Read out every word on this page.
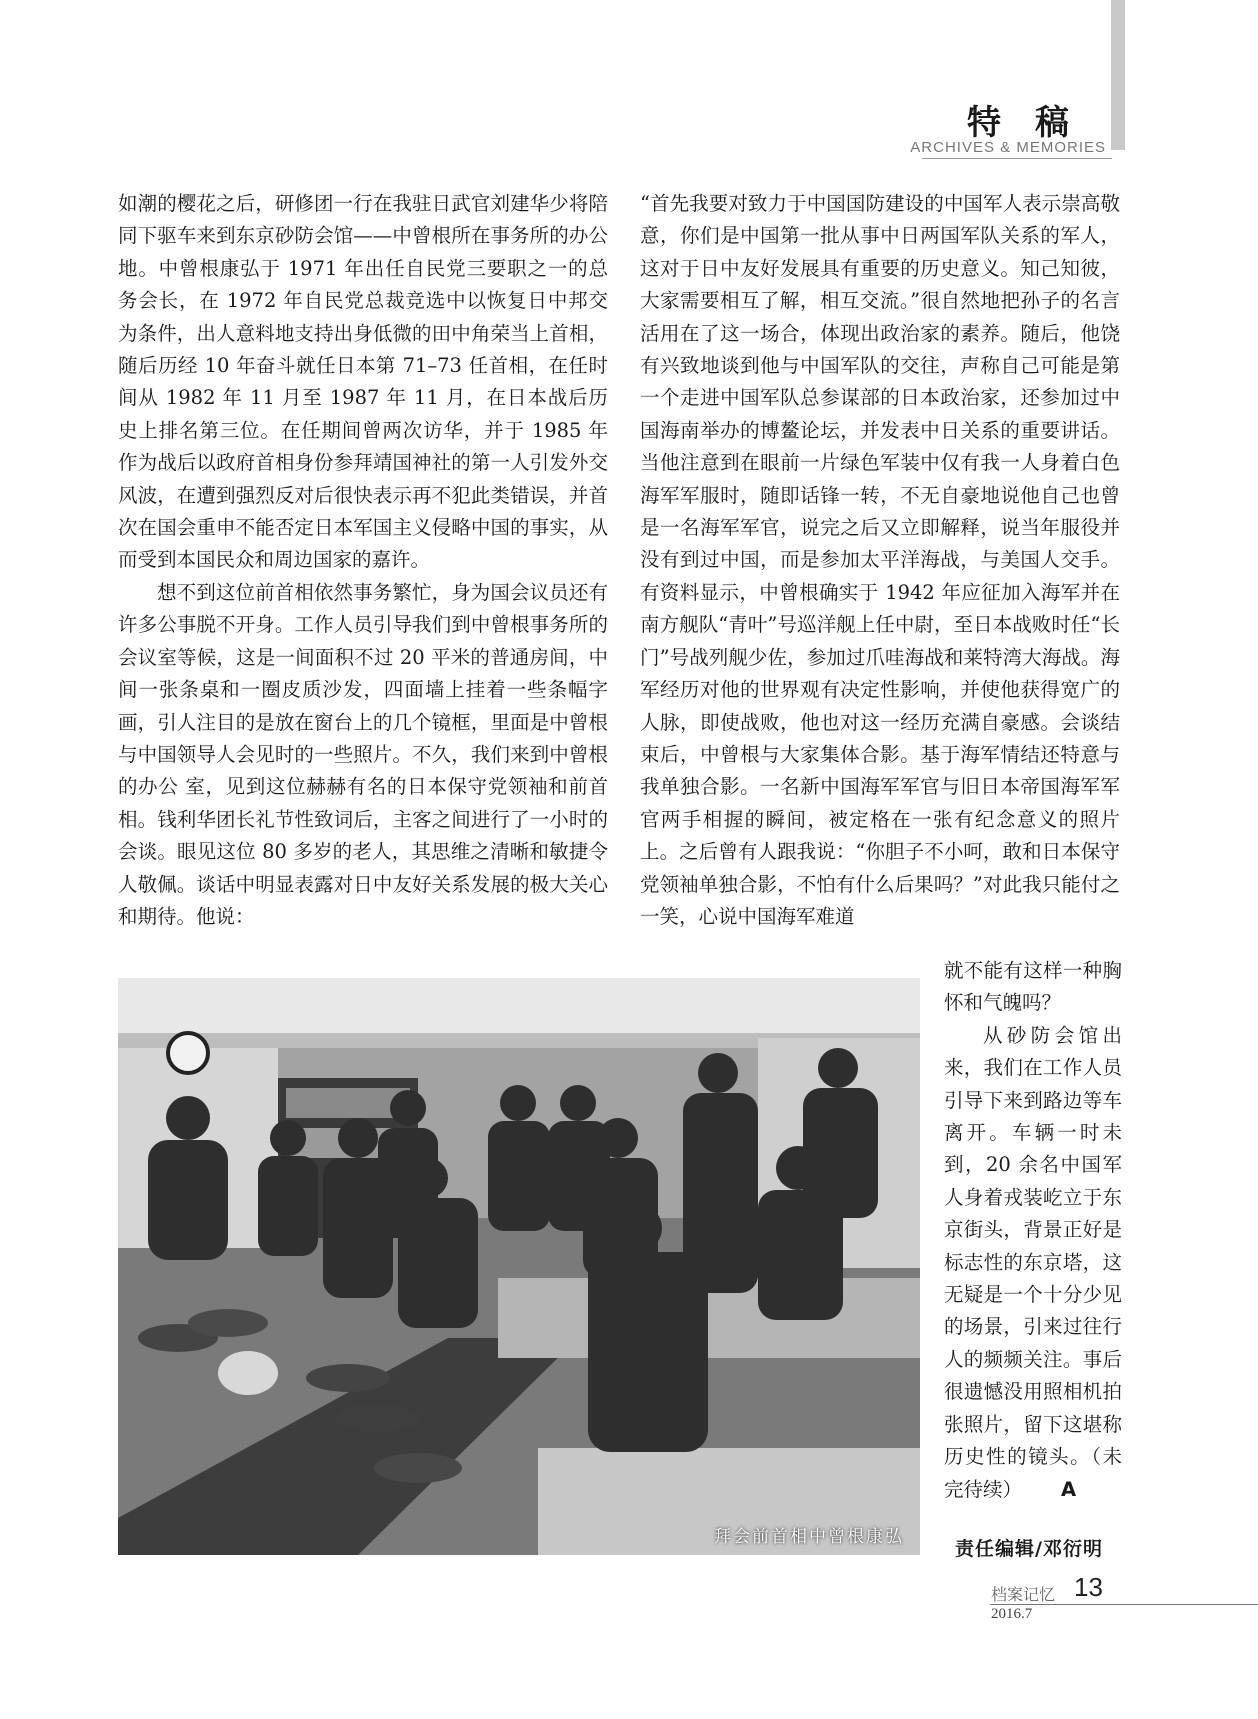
特稿
ARCHIVES & MEMORIES

如潮的樱花之后，研修团一行在我驻日武官刘建华少将陪同下驱车来到东京砂防会馆——中曾根所在事务所的办公地。中曾根康弘于 1971 年出任自民党三要职之一的总务会长，在 1972 年自民党总裁竞选中以恢复日中邦交为条件，出人意料地支持出身低微的田中角荣当上首相，随后历经 10 年奋斗就任日本第 71–73 任首相，在任时间从 1982 年 11 月至 1987 年 11 月，在日本战后历史上排名第三位。在任期间曾两次访华，并于 1985 年作为战后以政府首相身份参拜靖国神社的第一人引发外交风波，在遭到强烈反对后很快表示再不犯此类错误，并首次在国会重申不能否定日本军国主义侵略中国的事实，从而受到本国民众和周边国家的嘉许。

想不到这位前首相依然事务繁忙，身为国会议员还有许多公事脱不开身。工作人员引导我们到中曾根事务所的会议室等候，这是一间面积不过 20 平米的普通房间，中间一张条桌和一圈皮质沙发，四面墙上挂着一些条幅字画，引人注目的是放在窗台上的几个镜框，里面是中曾根与中国领导人会见时的一些照片。不久，我们来到中曾根的办公 室，见到这位赫赫有名的日本保守党领袖和前首相。钱利华团长礼节性致词后，主客之间进行了一小时的会谈。眼见这位 80 多岁的老人，其思维之清晰和敏捷令人敬佩。谈话中明显表露对日中友好关系发展的极大关心和期待。他说：

“首先我要对致力于中国国防建设的中国军人表示崇高敬意，你们是中国第一批从事中日两国军队关系的军人，这对于日中友好发展具有重要的历史意义。知己知彼，大家需要相互了解，相互交流。”很自然地把孙子的名言活用在了这一场合，体现出政治家的素养。随后，他饶有兴致地谈到他与中国军队的交往，声称自己可能是第一个走进中国军队总参谋部的日本政治家，还参加过中国海南举办的博鳌论坛，并发表中日关系的重要讲话。当他注意到在眼前一片绿色军装中仅有我一人身着白色海军军服时，随即话锋一转，不无自豪地说他自己也曾是一名海军军官，说完之后又立即解释，说当年服役并没有到过中国，而是参加太平洋海战，与美国人交手。有资料显示，中曾根确实于 1942 年应征加入海军并在南方舰队“青叶”号巡洋舰上任中尉，至日本战败时任“长门”号战列舰少佐，参加过爪哇海战和莱特湾大海战。海军经历对他的世界观有决定性影响，并使他获得宽广的人脉，即使战败，他也对这一经历充满自豪感。会谈结束后，中曾根与大家集体合影。基于海军情结还特意与我单独合影。一名新中国海军军官与旧日本帝国海军军官两手相握的瞬间，被定格在一张有纪念意义的照片上。之后曾有人跟我说：“你胆子不小呵，敢和日本保守党领袖单独合影，不怕有什么后果吗？”对此我只能付之一笑，心说中国海军难道

就不能有这样一种胸怀和气魄吗？

从砂防会馆出来，我们在工作人员引导下来到路边等车离开。车辆一时未到，20 余名中国军人身着戎装屹立于东京街头，背景正好是标志性的东京塔，这无疑是一个十分少见的场景，引来过往行人的频频关注。事后很遗憾没用照相机拍张照片，留下这堪称历史性的镜头。（未完待续） A

拜会前首相中曾根康弘
责任编辑/邓衍明
档案记忆 13
2016.7
